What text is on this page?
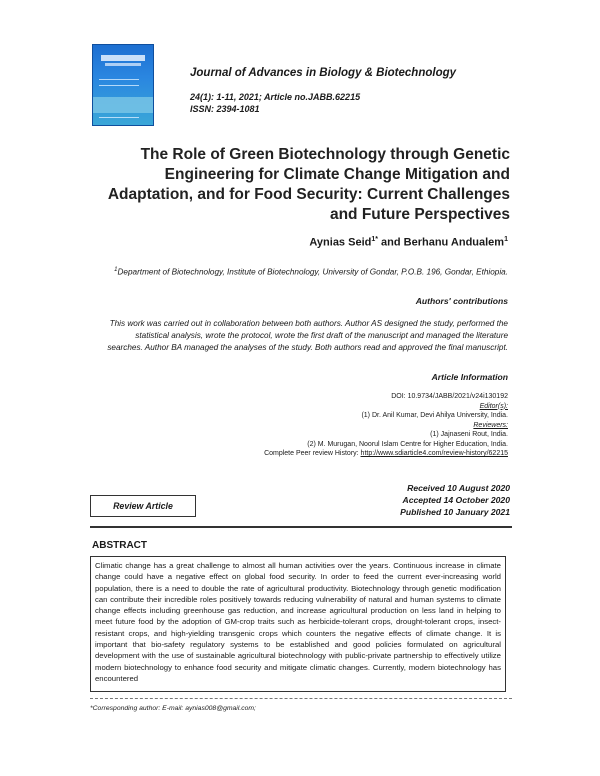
Journal of Advances in Biology & Biotechnology
24(1): 1-11, 2021; Article no.JABB.62215
ISSN: 2394-1081
The Role of Green Biotechnology through Genetic Engineering for Climate Change Mitigation and Adaptation, and for Food Security: Current Challenges and Future Perspectives
Aynias Seid$^{1*}$ and Berhanu Andualem$^1$
$^1$Department of Biotechnology, Institute of Biotechnology, University of Gondar, P.O.B. 196, Gondar, Ethiopia.
Authors' contributions
This work was carried out in collaboration between both authors. Author AS designed the study, performed the statistical analysis, wrote the protocol, wrote the first draft of the manuscript and managed the literature searches. Author BA managed the analyses of the study. Both authors read and approved the final manuscript.
Article Information
DOI: 10.9734/JABB/2021/v24i130192
Editor(s):
(1) Dr. Anil Kumar, Devi Ahilya University, India.
Reviewers:
(1) Jajnaseni Rout, India.
(2) M. Murugan, Noorul Islam Centre for Higher Education, India.
Complete Peer review History: http://www.sdiarticle4.com/review-history/62215
Review Article
Received 10 August 2020
Accepted 14 October 2020
Published 10 January 2021
ABSTRACT
Climatic change has a great challenge to almost all human activities over the years. Continuous increase in climate change could have a negative effect on global food security. In order to feed the current ever-increasing world population, there is a need to double the rate of agricultural productivity. Biotechnology through genetic modification can contribute their incredible roles positively towards reducing vulnerability of natural and human systems to climate change effects including greenhouse gas reduction, and increase agricultural production on less land in helping to meet future food by the adoption of GM-crop traits such as herbicide-tolerant crops, drought-tolerant crops, insect-resistant crops, and high-yielding transgenic crops which counters the negative effects of climate change. It is important that bio-safety regulatory systems to be established and good policies formulated on agricultural development with the use of sustainable agricultural biotechnology with public-private partnership to effectively utilize modern biotechnology to enhance food security and mitigate climatic changes. Currently, modern biotechnology has encountered
*Corresponding author: E-mail: aynias008@gmail.com;
